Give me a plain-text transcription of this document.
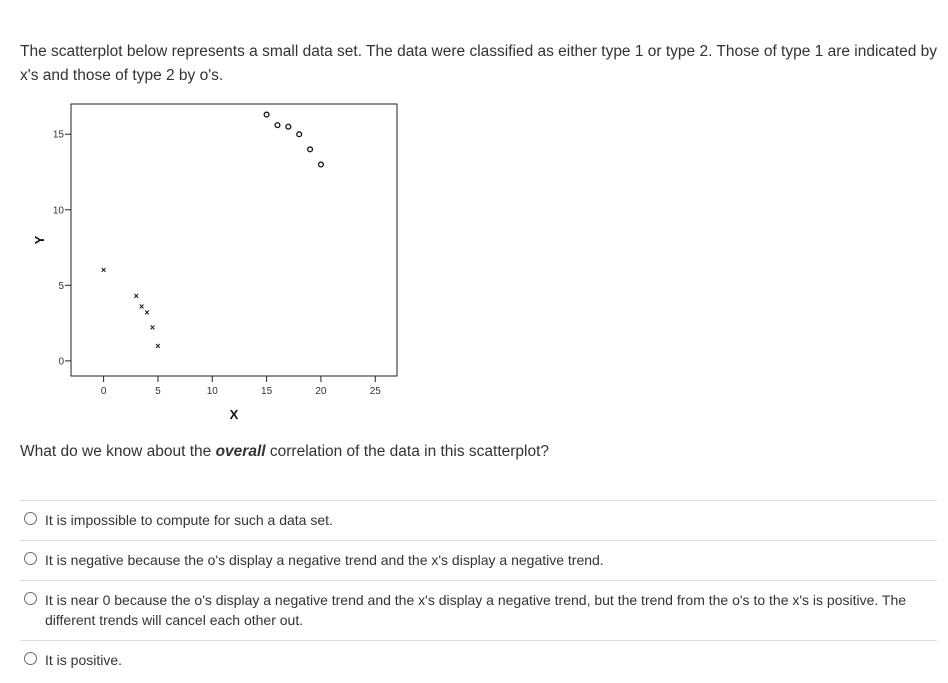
The scatterplot below represents a small data set. The data were classified as either type 1 or type 2. Those of type 1 are indicated by x's and those of type 2 by o's.

0
5
10
15
0	5	10	15	20	25
×
×
×
×
×
×
Y
X

What do we know about the overall correlation of the data in this scatterplot?

It is impossible to compute for such a data set.
It is negative because the o's display a negative trend and the x's display a negative trend.
It is near 0 because the o's display a negative trend and the x's display a negative trend, but the trend from the o's to the x's is positive. The different trends will cancel each other out.
It is positive.
